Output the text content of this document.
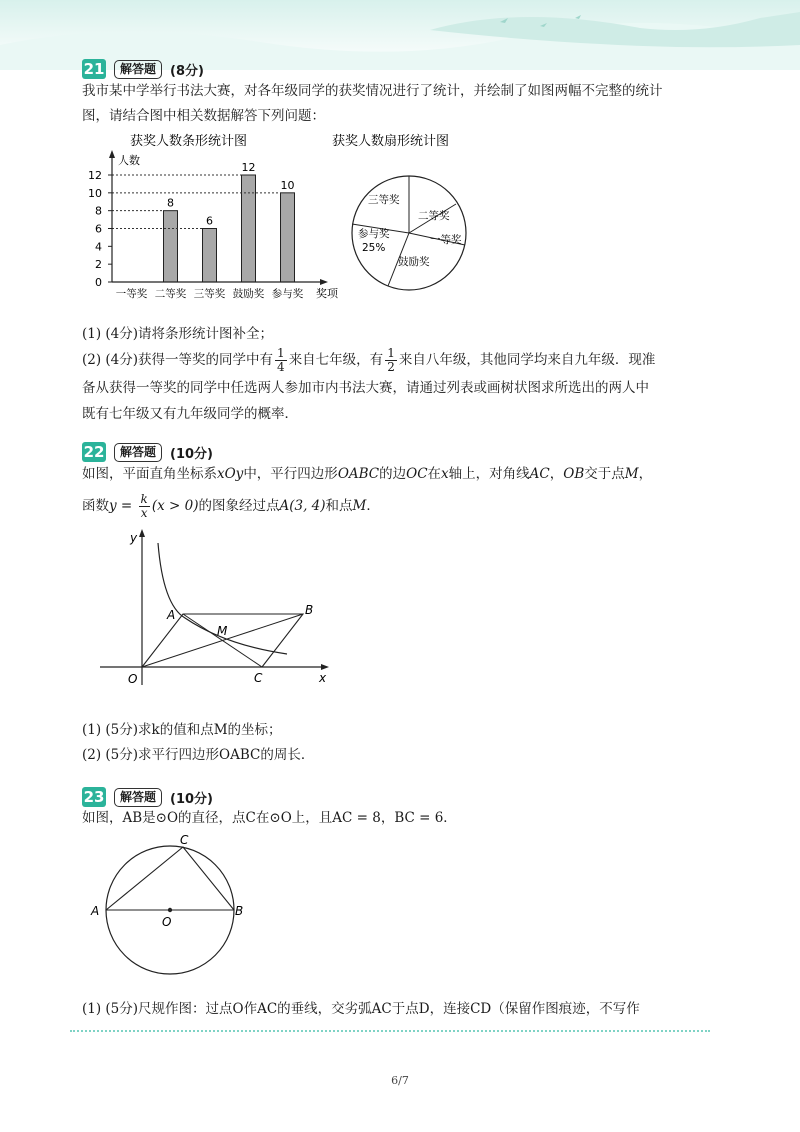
21	解答题	(8分)
我市某中学举行书法大赛，对各年级同学的获奖情况进行了统计，并绘制了如图两幅不完整的统计
图，请结合图中相关数据解答下列问题：
获奖人数条形统计图
人数
奖项
0
2
4
6
8
10
12
一等奖
8
二等奖
6
三等奖
12
鼓励奖
10
参与奖
获奖人数扇形统计图
三等奖
二等奖
一等奖
鼓励奖
参与奖
25%
(1) (4分)请将条形统计图补全；
(2) (4分)获得一等奖的同学中有 $\frac{1}{4}$ 来自七年级，有 $\frac{1}{2}$ 来自八年级，其他同学均来自九年级．现准
备从获得一等奖的同学中任选两人参加市内书法大赛，请通过列表或画树状图求所选出的两人中
既有七年级又有九年级同学的概率．
22	解答题	(10分)
如图，平面直角坐标系xOy中，平行四边形OABC的边OC在x轴上，对角线AC，OB交于点M，
函数$y = \frac{k}{x} (x > 0)$的图象经过点A(3, 4)和点M．
y
x
O
A	B
C
M
(1) (5分)求k的值和点M的坐标；
(2) (5分)求平行四边形OABC的周长．
23	解答题	(10分)
如图，AB是⊙O的直径，点C在⊙O上，且AC = 8，BC = 6．
A	B
C
O
(1) (5分)尺规作图：过点O作AC的垂线，交劣弧AC于点D，连接CD（保留作图痕迹，不写作
6/7
